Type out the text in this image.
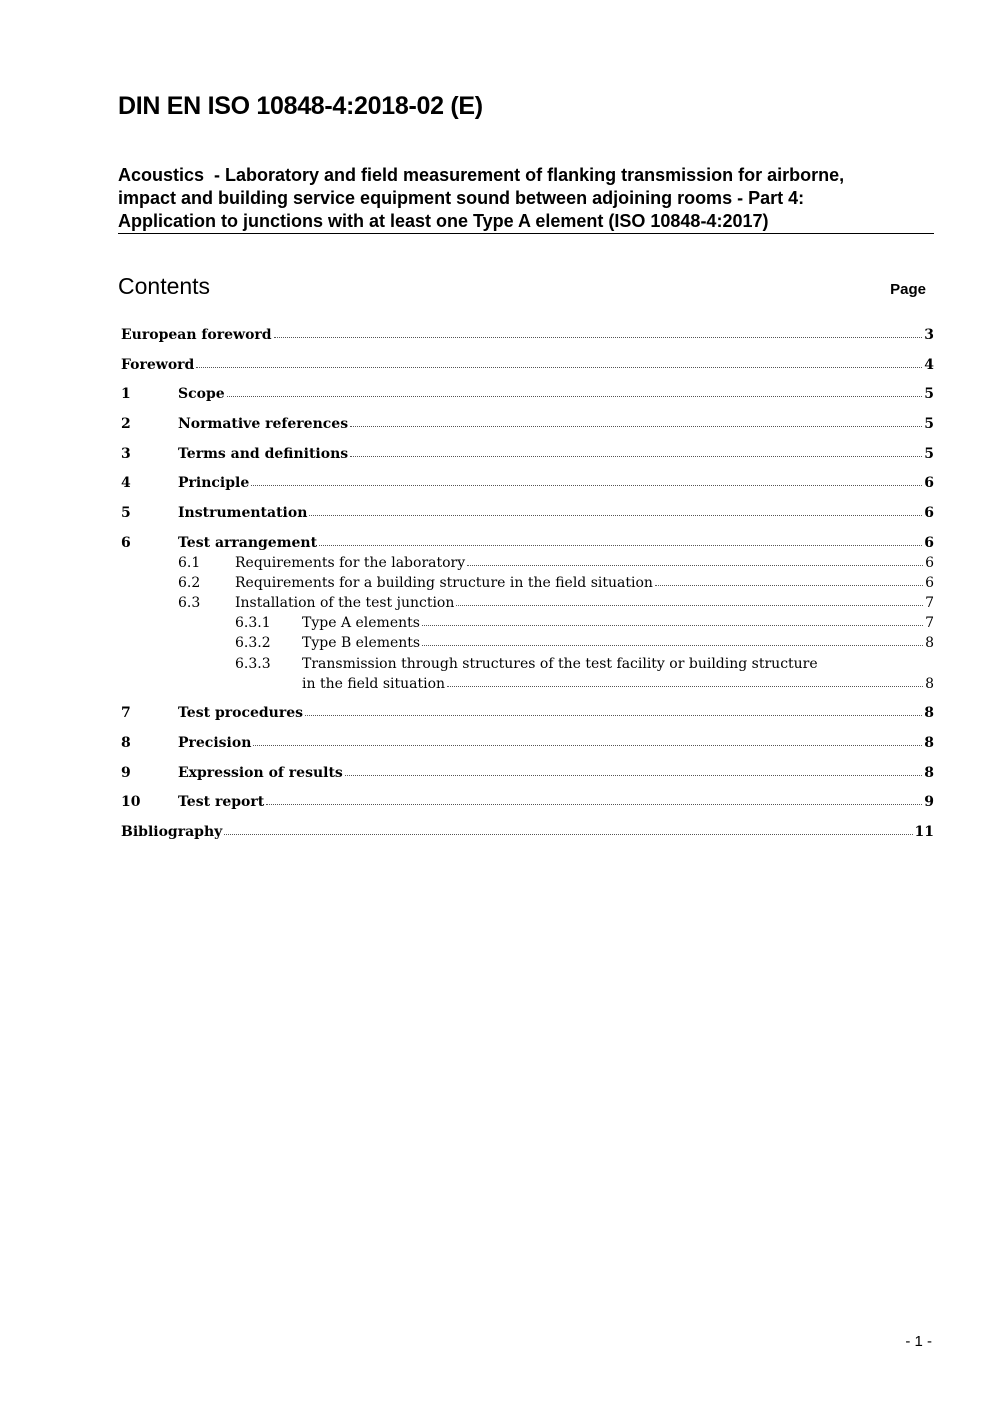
DIN EN ISO 10848-4:2018-02 (E)
Acoustics  - Laboratory and field measurement of flanking transmission for airborne,
impact and building service equipment sound between adjoining rooms - Part 4:
Application to junctions with at least one Type A element (ISO 10848-4:2017)
Contents	Page
European foreword	3
Foreword	4
1	Scope	5
2	Normative references	5
3	Terms and definitions	5
4	Principle	6
5	Instrumentation	6
6	Test arrangement	6
6.1	Requirements for the laboratory	6
6.2	Requirements for a building structure in the field situation	6
6.3	Installation of the test junction	7
6.3.1	Type A elements	7
6.3.2	Type B elements	8
6.3.3	Transmission through structures of the test facility or building structure
in the field situation	8
7	Test procedures	8
8	Precision	8
9	Expression of results	8
10	Test report	9
Bibliography	11
- 1 -
